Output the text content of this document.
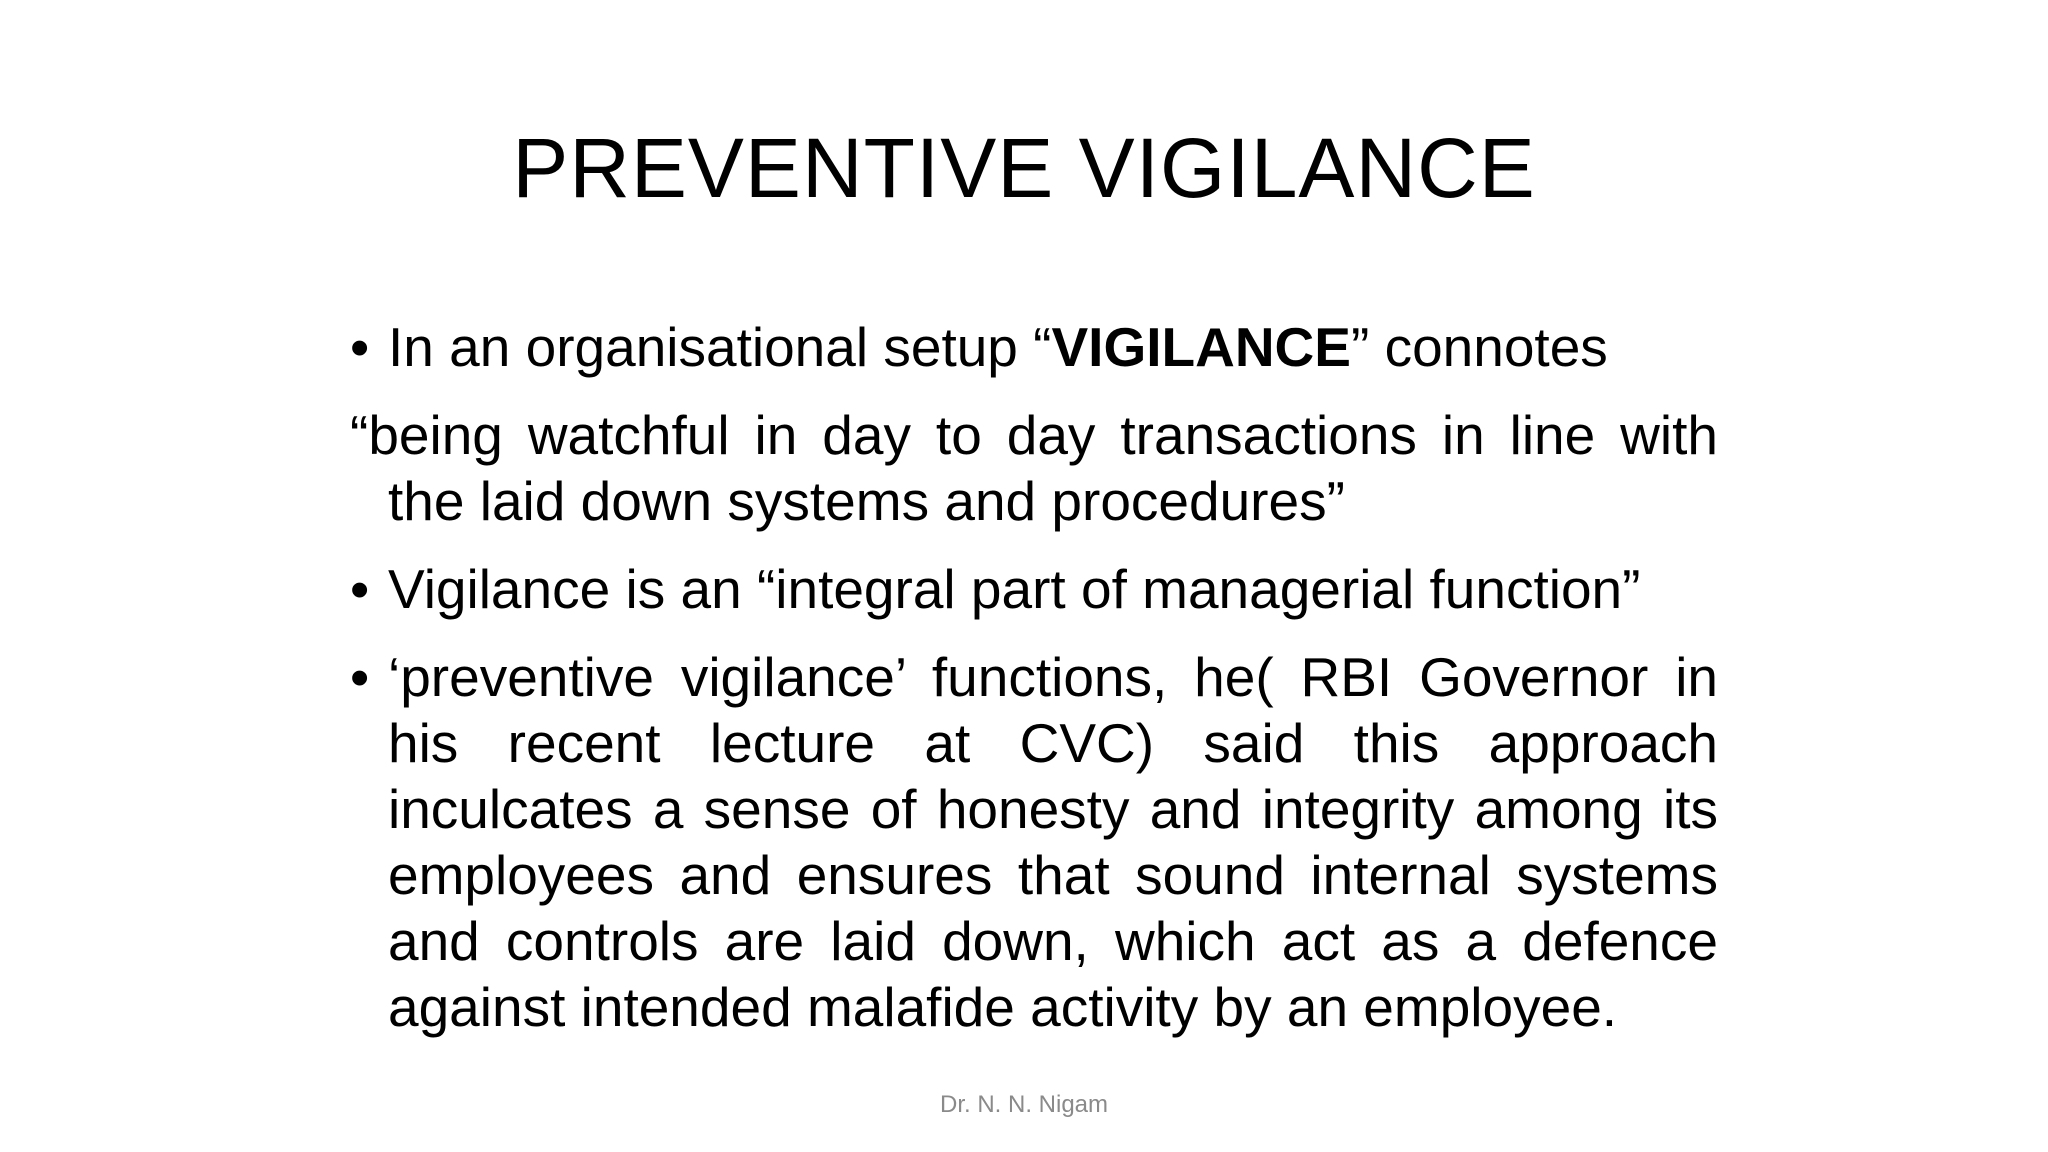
PREVENTIVE VIGILANCE
• In an organisational setup “VIGILANCE” connotes
“being watchful in day to day transactions in line with the laid down systems and procedures”
• Vigilance is an “integral part of managerial function”
• ‘preventive vigilance’ functions, he( RBI Governor in his recent lecture at CVC) said this approach inculcates a sense of honesty and integrity among its employees and ensures that sound internal systems and controls are laid down, which act as a defence against intended malafide activity by an employee.
Dr. N. N. Nigam
